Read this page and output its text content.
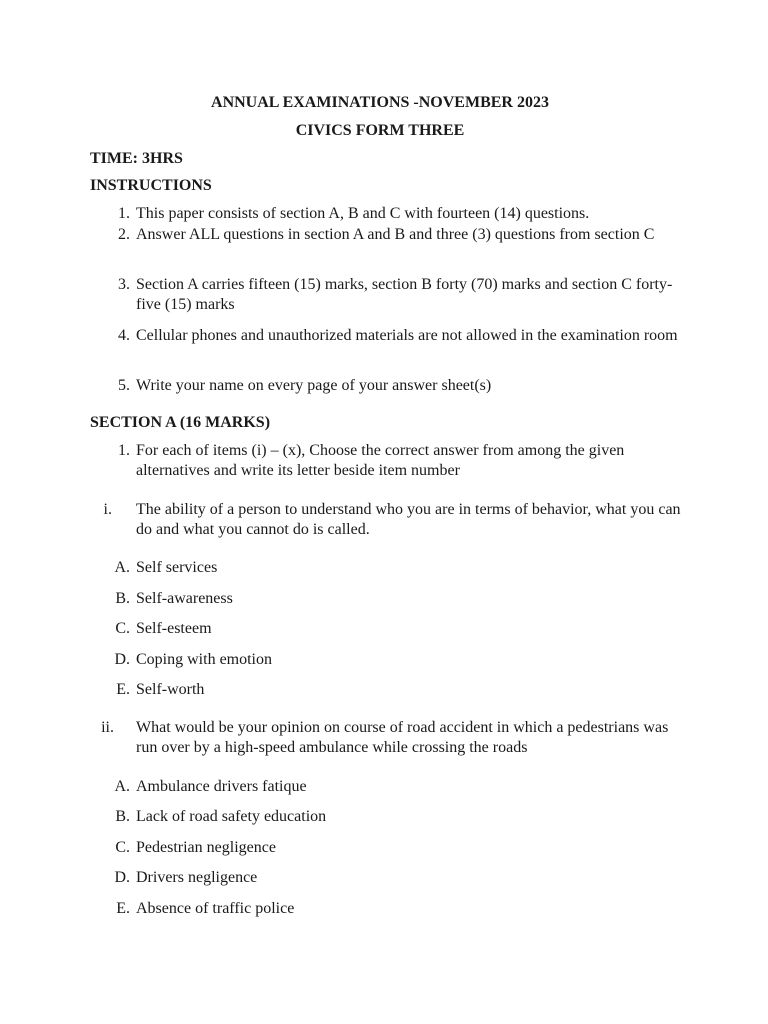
ANNUAL EXAMINATIONS -NOVEMBER 2023
CIVICS FORM THREE
TIME: 3HRS
INSTRUCTIONS
1. This paper consists of section A, B and C with fourteen (14) questions.
2. Answer ALL questions in section A and B and three (3) questions from section C
3. Section A carries fifteen (15) marks, section B forty (70) marks and section C forty-five (15) marks
4. Cellular phones and unauthorized materials are not allowed in the examination room
5. Write your name on every page of your answer sheet(s)
SECTION A (16 MARKS)
1. For each of items (i) – (x), Choose the correct answer from among the given alternatives and write its letter beside item number
i. The ability of a person to understand who you are in terms of behavior, what you can do and what you cannot do is called.
A. Self services
B. Self-awareness
C. Self-esteem
D. Coping with emotion
E. Self-worth
ii. What would be your opinion on course of road accident in which a pedestrians was run over by a high-speed ambulance while crossing the roads
A. Ambulance drivers fatique
B. Lack of road safety education
C. Pedestrian negligence
D. Drivers negligence
E. Absence of traffic police
